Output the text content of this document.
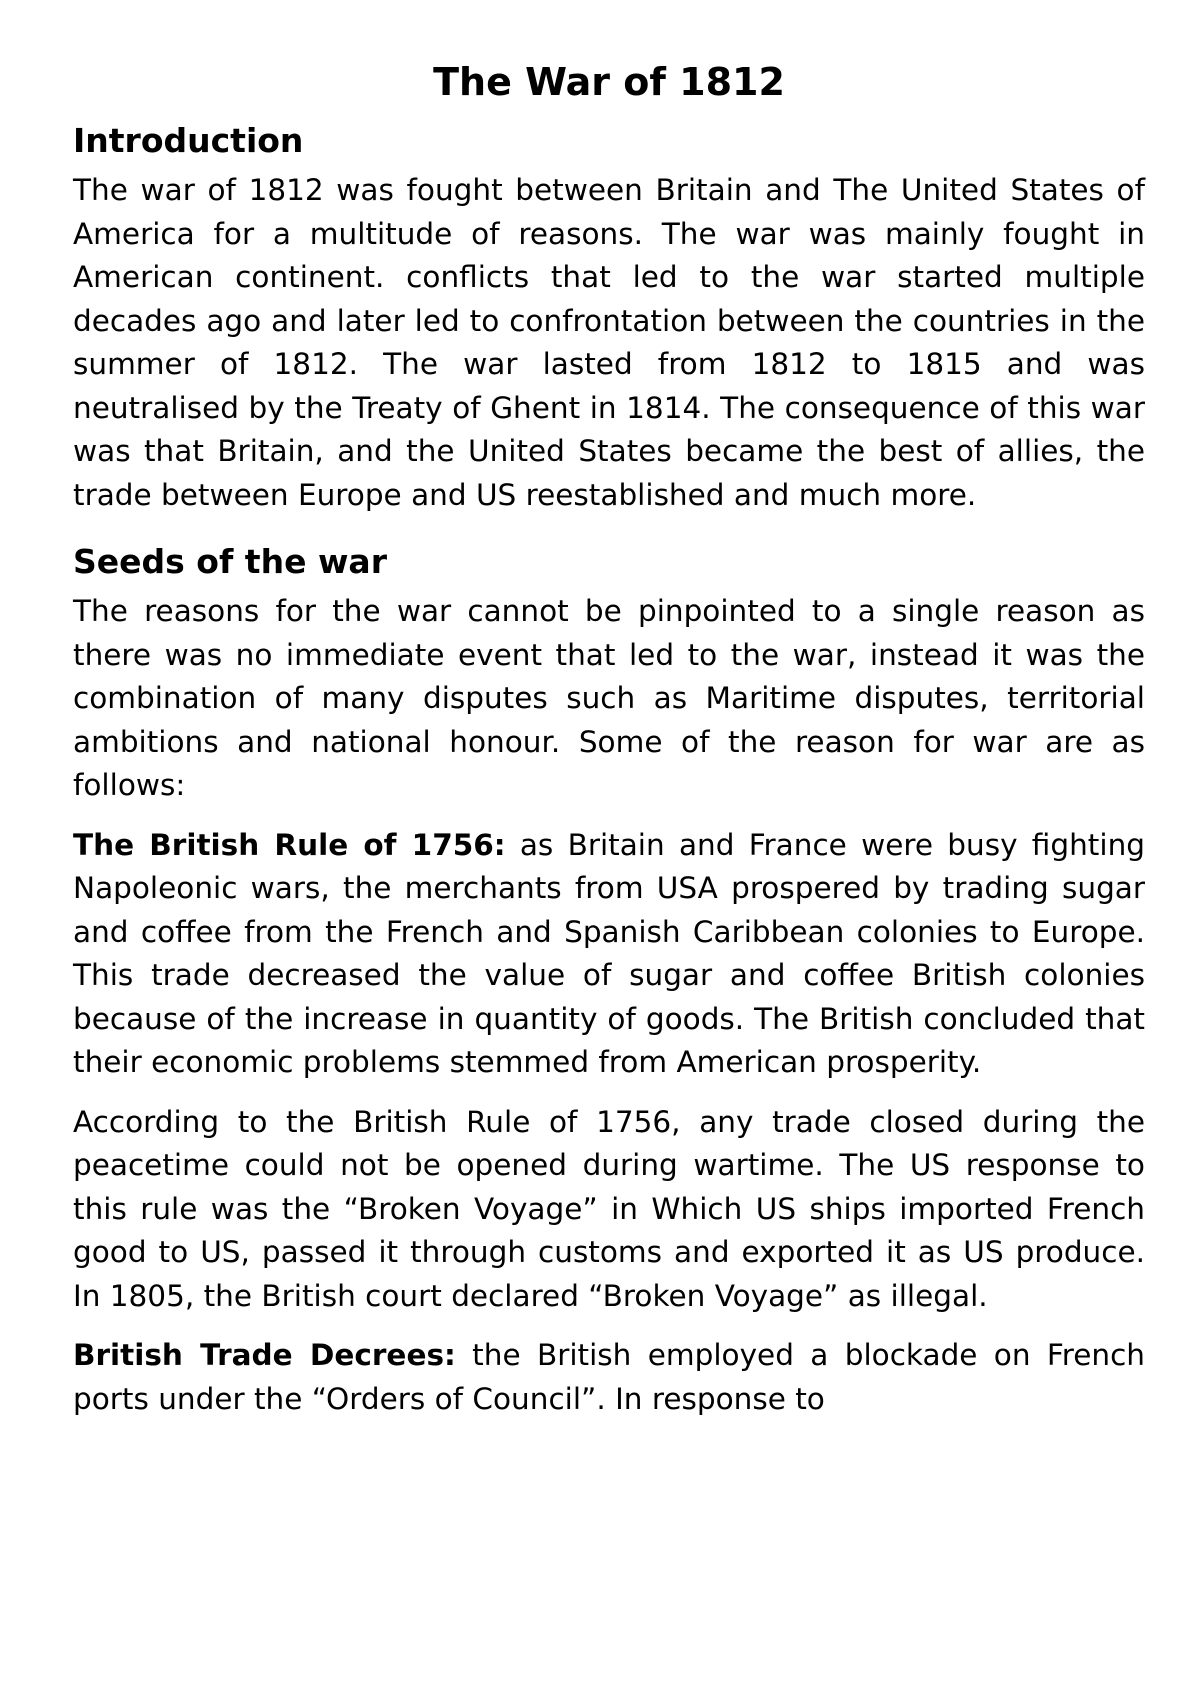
The War of 1812
Introduction

The war of 1812 was fought between Britain and The United States of America for a multitude of reasons. The war was mainly fought in American continent. conflicts that led to the war started multiple decades ago and later led to confrontation between the countries in the summer of 1812. The war lasted from 1812 to 1815 and was neutralised by the Treaty of Ghent in 1814. The consequence of this war was that Britain, and the United States became the best of allies, the trade between Europe and US reestablished and much more.

Seeds of the war

The reasons for the war cannot be pinpointed to a single reason as there was no immediate event that led to the war, instead it was the combination of many disputes such as Maritime disputes, territorial ambitions and national honour. Some of the reason for war are as follows:

The British Rule of 1756: as Britain and France were busy fighting Napoleonic wars, the merchants from USA prospered by trading sugar and coffee from the French and Spanish Caribbean colonies to Europe. This trade decreased the value of sugar and coffee British colonies because of the increase in quantity of goods. The British concluded that their economic problems stemmed from American prosperity.

According to the British Rule of 1756, any trade closed during the peacetime could not be opened during wartime. The US response to this rule was the “Broken Voyage” in Which US ships imported French good to US, passed it through customs and exported it as US produce. In 1805, the British court declared “Broken Voyage” as illegal.

British Trade Decrees: the British employed a blockade on French ports under the “Orders of Council”. In response to
